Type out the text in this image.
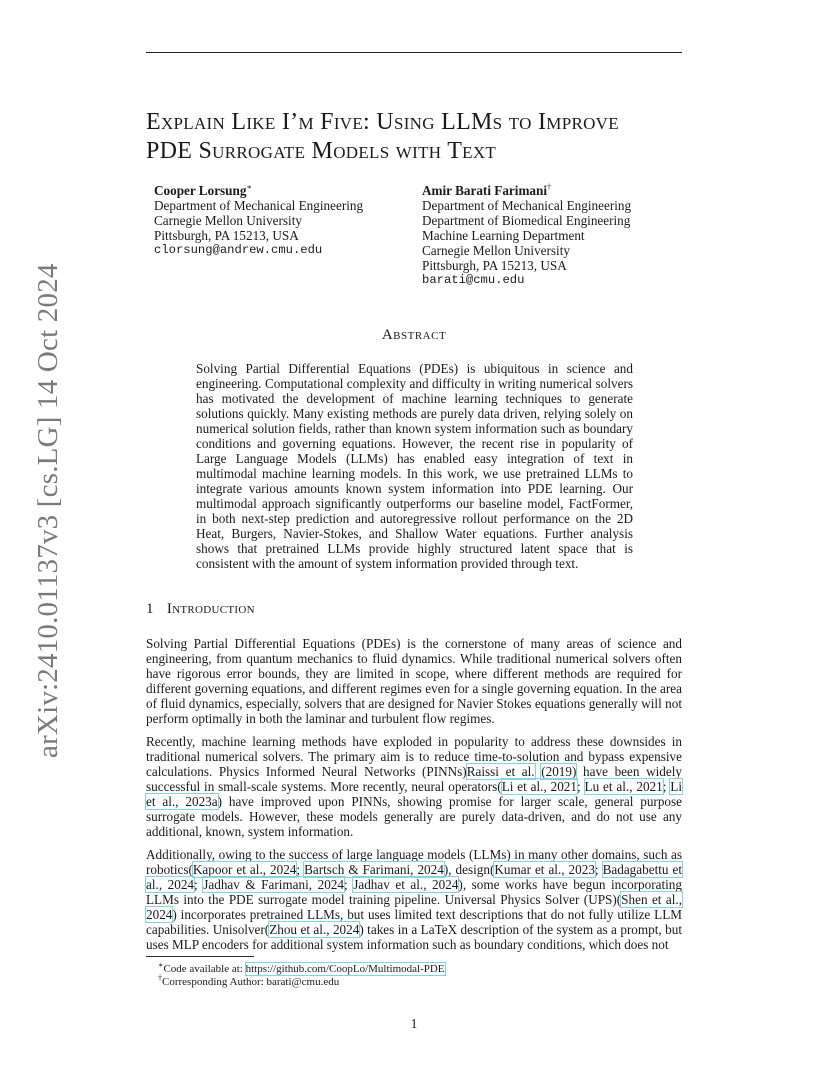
arXiv:2410.01137v3 [cs.LG] 14 Oct 2024
Explain Like I’m Five: Using LLMs to Improve
PDE Surrogate Models with Text
Cooper Lorsung∗
Department of Mechanical Engineering
Carnegie Mellon University
Pittsburgh, PA 15213, USA
clorsung@andrew.cmu.edu
Amir Barati Farimani†
Department of Mechanical Engineering
Department of Biomedical Engineering
Machine Learning Department
Carnegie Mellon University
Pittsburgh, PA 15213, USA
barati@cmu.edu
Abstract
Solving Partial Differential Equations (PDEs) is ubiquitous in science and engineering. Computational complexity and difficulty in writing numerical solvers has motivated the development of machine learning techniques to generate solutions quickly. Many existing methods are purely data driven, relying solely on numerical solution fields, rather than known system information such as boundary conditions and governing equations. However, the recent rise in popularity of Large Language Models (LLMs) has enabled easy integration of text in multimodal machine learning models. In this work, we use pretrained LLMs to integrate various amounts known system information into PDE learning. Our multimodal approach significantly outperforms our baseline model, FactFormer, in both next-step prediction and autoregressive rollout performance on the 2D Heat, Burgers, Navier-Stokes, and Shallow Water equations. Further analysis shows that pretrained LLMs provide highly structured latent space that is consistent with the amount of system information provided through text.
1 Introduction
Solving Partial Differential Equations (PDEs) is the cornerstone of many areas of science and engineering, from quantum mechanics to fluid dynamics. While traditional numerical solvers often have rigorous error bounds, they are limited in scope, where different methods are required for different governing equations, and different regimes even for a single governing equation. In the area of fluid dynamics, especially, solvers that are designed for Navier Stokes equations generally will not perform optimally in both the laminar and turbulent flow regimes.
Recently, machine learning methods have exploded in popularity to address these downsides in traditional numerical solvers. The primary aim is to reduce time-to-solution and bypass expensive calculations. Physics Informed Neural Networks (PINNs)Raissi et al. (2019) have been widely successful in small-scale systems. More recently, neural operators(Li et al., 2021; Lu et al., 2021; Li et al., 2023a) have improved upon PINNs, showing promise for larger scale, general purpose surrogate models. However, these models generally are purely data-driven, and do not use any additional, known, system information.
Additionally, owing to the success of large language models (LLMs) in many other domains, such as robotics(Kapoor et al., 2024; Bartsch & Farimani, 2024), design(Kumar et al., 2023; Badagabettu et al., 2024; Jadhav & Farimani, 2024; Jadhav et al., 2024), some works have begun incorporating LLMs into the PDE surrogate model training pipeline. Universal Physics Solver (UPS)(Shen et al., 2024) incorporates pretrained LLMs, but uses limited text descriptions that do not fully utilize LLM capabilities. Unisolver(Zhou et al., 2024) takes in a LaTeX description of the system as a prompt, but uses MLP encoders for additional system information such as boundary conditions, which does not
∗Code available at: https://github.com/CoopLo/Multimodal-PDE
†Corresponding Author: barati@cmu.edu
1
